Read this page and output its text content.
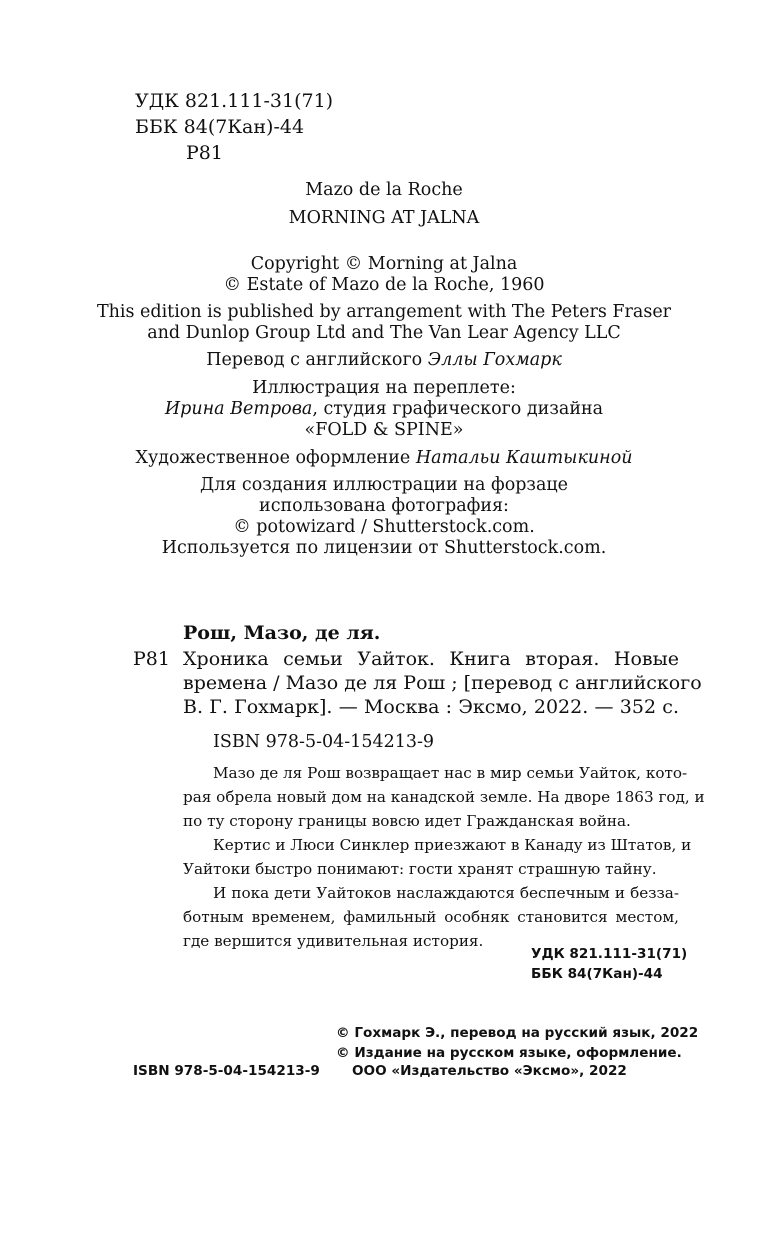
УДК 821.111-31(71)
ББК 84(7Кан)-44
Р81
Mazo de la Roche
MORNING AT JALNA
Copyright © Morning at Jalna
© Estate of Mazo de la Roche, 1960
This edition is published by arrangement with The Peters Fraser
and Dunlop Group Ltd and The Van Lear Agency LLC
Перевод с английского Эллы Гохмарк
Иллюстрация на переплете:
Ирина Ветрова, студия графического дизайна
«FOLD & SPINE»
Художественное оформление Натальи Каштыкиной
Для создания иллюстрации на форзаце
использована фотография:
© potowizard / Shutterstock.com.
Используется по лицензии от Shutterstock.com.
Рош, Мазо, де ля.
Р81 Хроника семьи Уайток. Книга вторая. Новые
времена / Мазо де ля Рош ; [перевод с английского
В. Г. Гохмарк]. — Москва : Эксмо, 2022. — 352 с.
ISBN 978-5-04-154213-9
Мазо де ля Рош возвращает нас в мир семьи Уайток, кото-
рая обрела новый дом на канадской земле. На дворе 1863 год, и
по ту сторону границы вовсю идет Гражданская война.
Кертис и Люси Синклер приезжают в Канаду из Штатов, и
Уайтоки быстро понимают: гости хранят страшную тайну.
И пока дети Уайтоков наслаждаются беспечным и безза-
ботным временем, фамильный особняк становится местом,
где вершится удивительная история.
УДК 821.111-31(71)
ББК 84(7Кан)-44
© Гохмарк Э., перевод на русский язык, 2022
© Издание на русском языке, оформление.
ООО «Издательство «Эксмо», 2022
ISBN 978-5-04-154213-9
